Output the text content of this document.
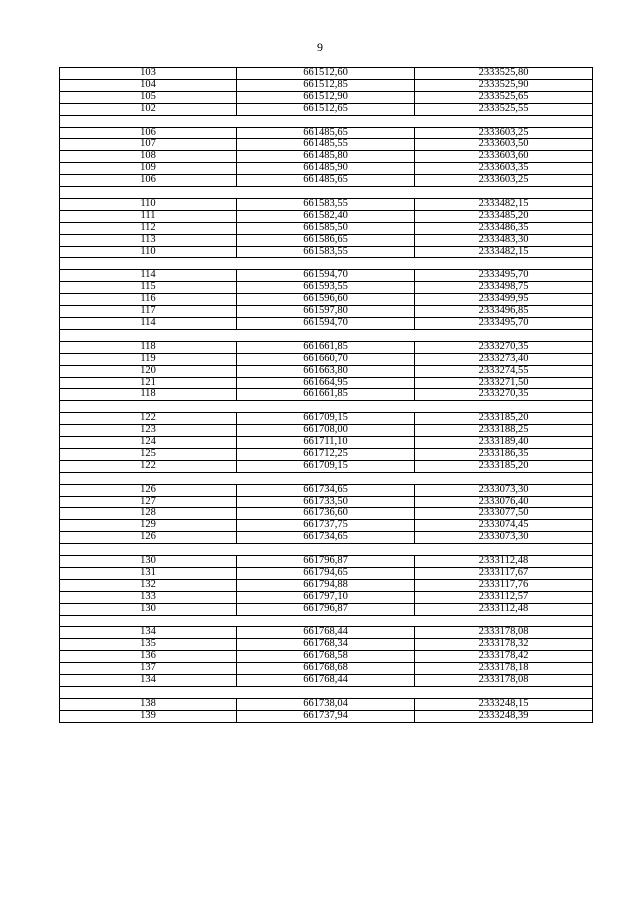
9
103	661512,60	2333525,80
104	661512,85	2333525,90
105	661512,90	2333525,65
102	661512,65	2333525,55

106	661485,65	2333603,25
107	661485,55	2333603,50
108	661485,80	2333603,60
109	661485,90	2333603,35
106	661485,65	2333603,25

110	661583,55	2333482,15
111	661582,40	2333485,20
112	661585,50	2333486,35
113	661586,65	2333483,30
110	661583,55	2333482,15

114	661594,70	2333495,70
115	661593,55	2333498,75
116	661596,60	2333499,95
117	661597,80	2333496,85
114	661594,70	2333495,70

118	661661,85	2333270,35
119	661660,70	2333273,40
120	661663,80	2333274,55
121	661664,95	2333271,50
118	661661,85	2333270,35

122	661709,15	2333185,20
123	661708,00	2333188,25
124	661711,10	2333189,40
125	661712,25	2333186,35
122	661709,15	2333185,20

126	661734,65	2333073,30
127	661733,50	2333076,40
128	661736,60	2333077,50
129	661737,75	2333074,45
126	661734,65	2333073,30

130	661796,87	2333112,48
131	661794,65	2333117,67
132	661794,88	2333117,76
133	661797,10	2333112,57
130	661796,87	2333112,48

134	661768,44	2333178,08
135	661768,34	2333178,32
136	661768,58	2333178,42
137	661768,68	2333178,18
134	661768,44	2333178,08

138	661738,04	2333248,15
139	661737,94	2333248,39
